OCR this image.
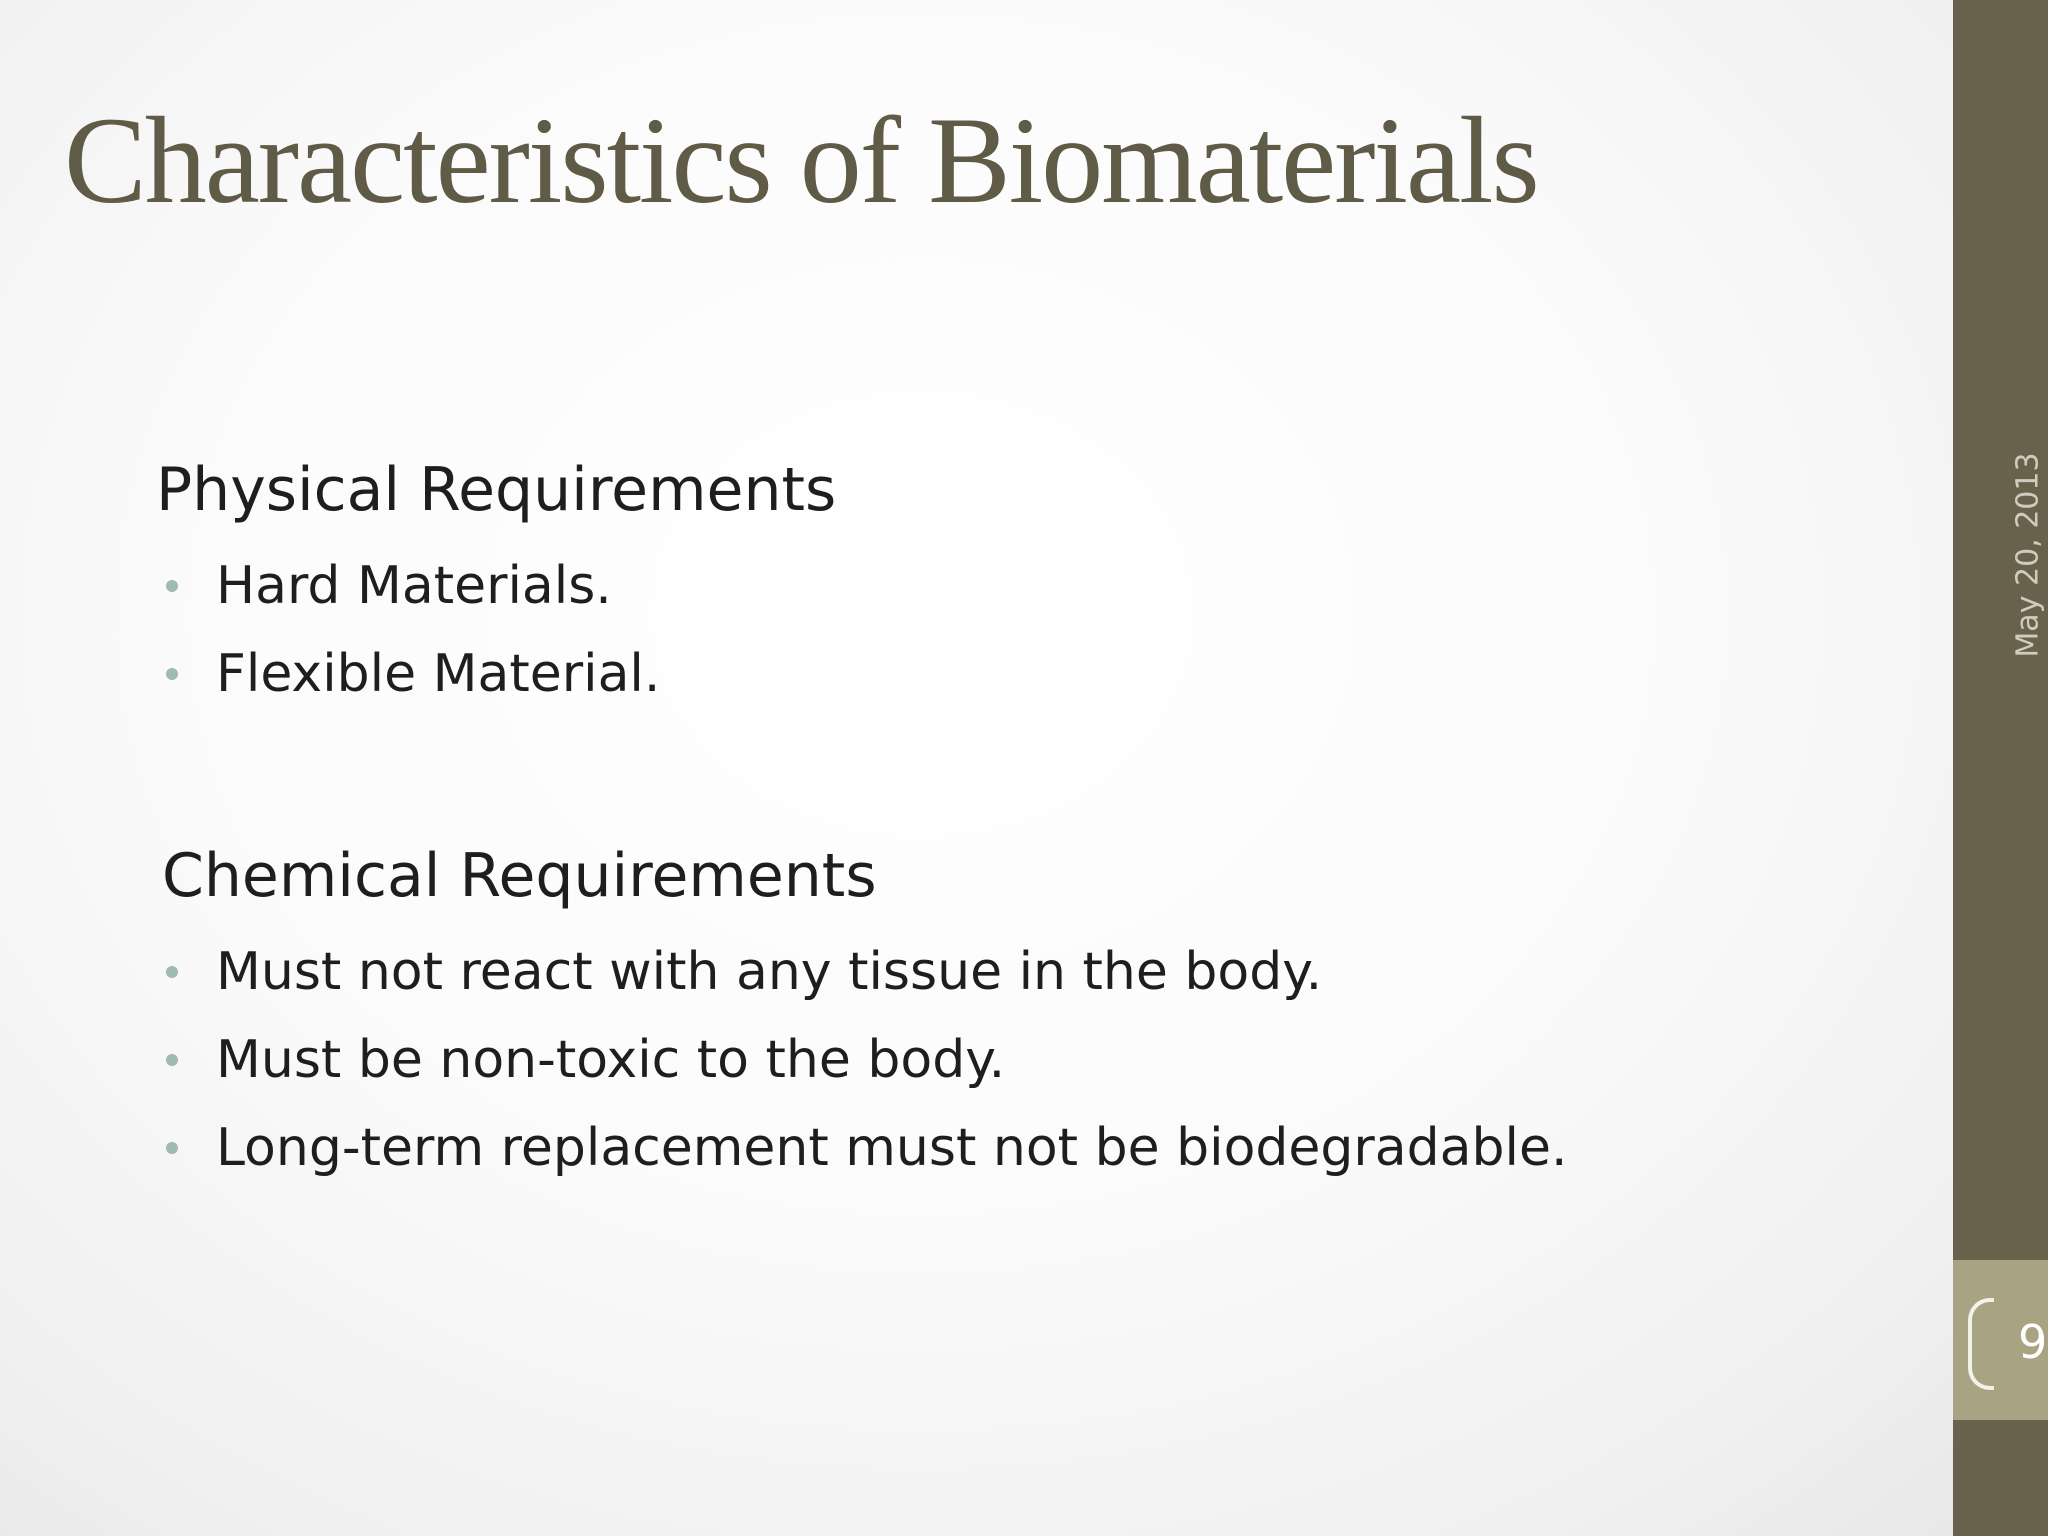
Characteristics of Biomaterials
Physical Requirements
Hard Materials.
Flexible Material.
Chemical Requirements
Must not react with any tissue in the body.
Must be non-toxic to the body.
Long-term replacement must not be biodegradable.
May 20, 2013
9
